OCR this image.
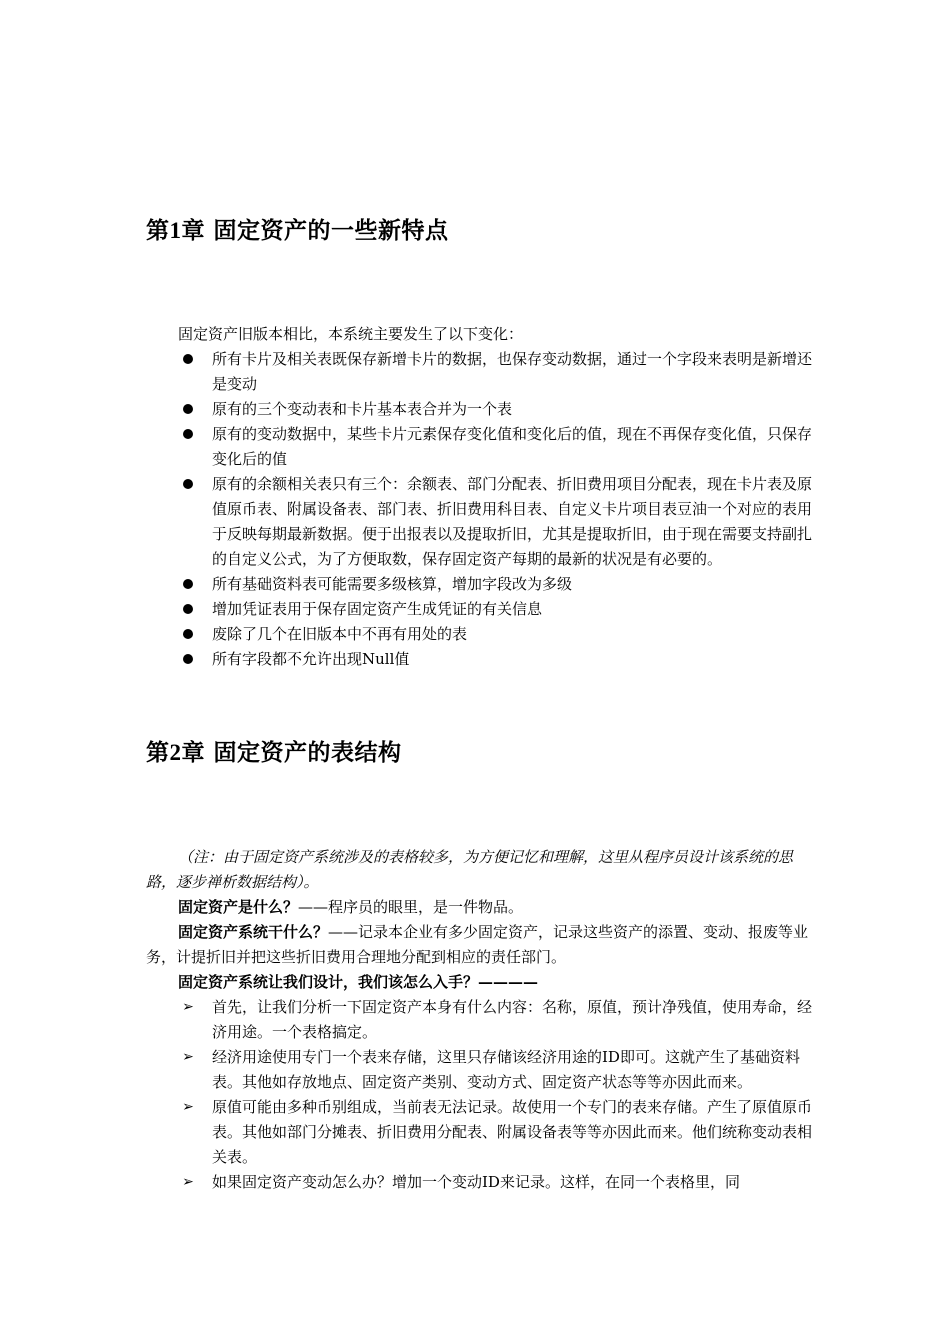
第1章 固定资产的一些新特点

固定资产旧版本相比，本系统主要发生了以下变化：

所有卡片及相关表既保存新增卡片的数据，也保存变动数据，通过一个字段来表明是新增还是变动
原有的三个变动表和卡片基本表合并为一个表
原有的变动数据中，某些卡片元素保存变化值和变化后的值，现在不再保存变化值，只保存变化后的值
原有的余额相关表只有三个：余额表、部门分配表、折旧费用项目分配表，现在卡片表及原值原币表、附属设备表、部门表、折旧费用科目表、自定义卡片项目表豆油一个对应的表用于反映每期最新数据。便于出报表以及提取折旧，尤其是提取折旧，由于现在需要支持副扎的自定义公式，为了方便取数，保存固定资产每期的最新的状况是有必要的。
所有基础资料表可能需要多级核算，增加字段改为多级
增加凭证表用于保存固定资产生成凭证的有关信息
废除了几个在旧版本中不再有用处的表
所有字段都不允许出现Null值
第2章 固定资产的表结构

（注：由于固定资产系统涉及的表格较多，为方便记忆和理解，这里从程序员设计该系统的思路，逐步禅析数据结构）。

固定资产是什么？——程序员的眼里，是一件物品。

固定资产系统干什么？——记录本企业有多少固定资产，记录这些资产的添置、变动、报废等业务，计提折旧并把这些折旧费用合理地分配到相应的责任部门。

固定资产系统让我们设计，我们该怎么入手？————

➢ 首先，让我们分析一下固定资产本身有什么内容：名称，原值，预计净残值，使用寿命，经济用途。一个表格搞定。
➢ 经济用途使用专门一个表来存储，这里只存储该经济用途的ID即可。这就产生了基础资料表。其他如存放地点、固定资产类别、变动方式、固定资产状态等等亦因此而来。
➢ 原值可能由多种币别组成，当前表无法记录。故使用一个专门的表来存储。产生了原值原币表。其他如部门分摊表、折旧费用分配表、附属设备表等等亦因此而来。他们统称变动表相关表。
➢ 如果固定资产变动怎么办？增加一个变动ID来记录。这样，在同一个表格里，同
